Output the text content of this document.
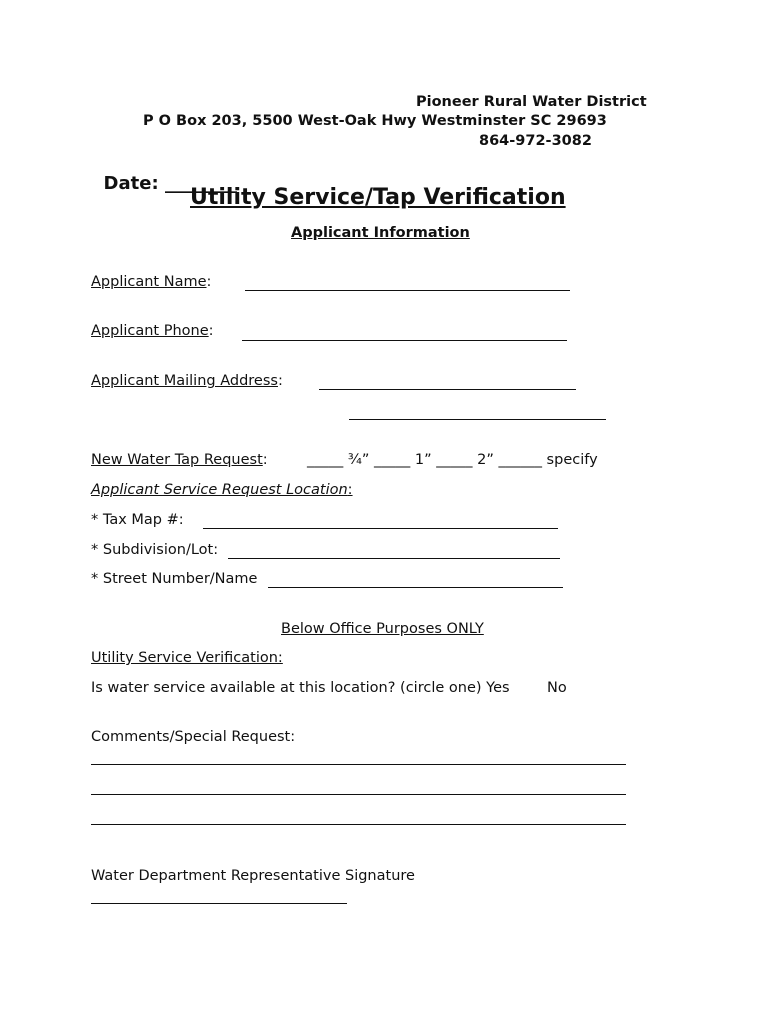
Pioneer Rural Water District
P O Box 203, 5500 West-Oak Hwy Westminster SC 29693
864-972-3082

Date: ________

Utility Service/Tap Verification
Applicant Information
Applicant Name:
Applicant Phone:
Applicant Mailing Address:
New Water Tap Request:	_____ ¾” _____ 1” _____ 2” ______ specify
Applicant Service Request Location:
* Tax Map #:
* Subdivision/Lot:
* Street Number/Name
Below Office Purposes ONLY
Utility Service Verification:
Is water service available at this location? (circle one) Yes	No
Comments/Special Request:
Water Department Representative Signature
